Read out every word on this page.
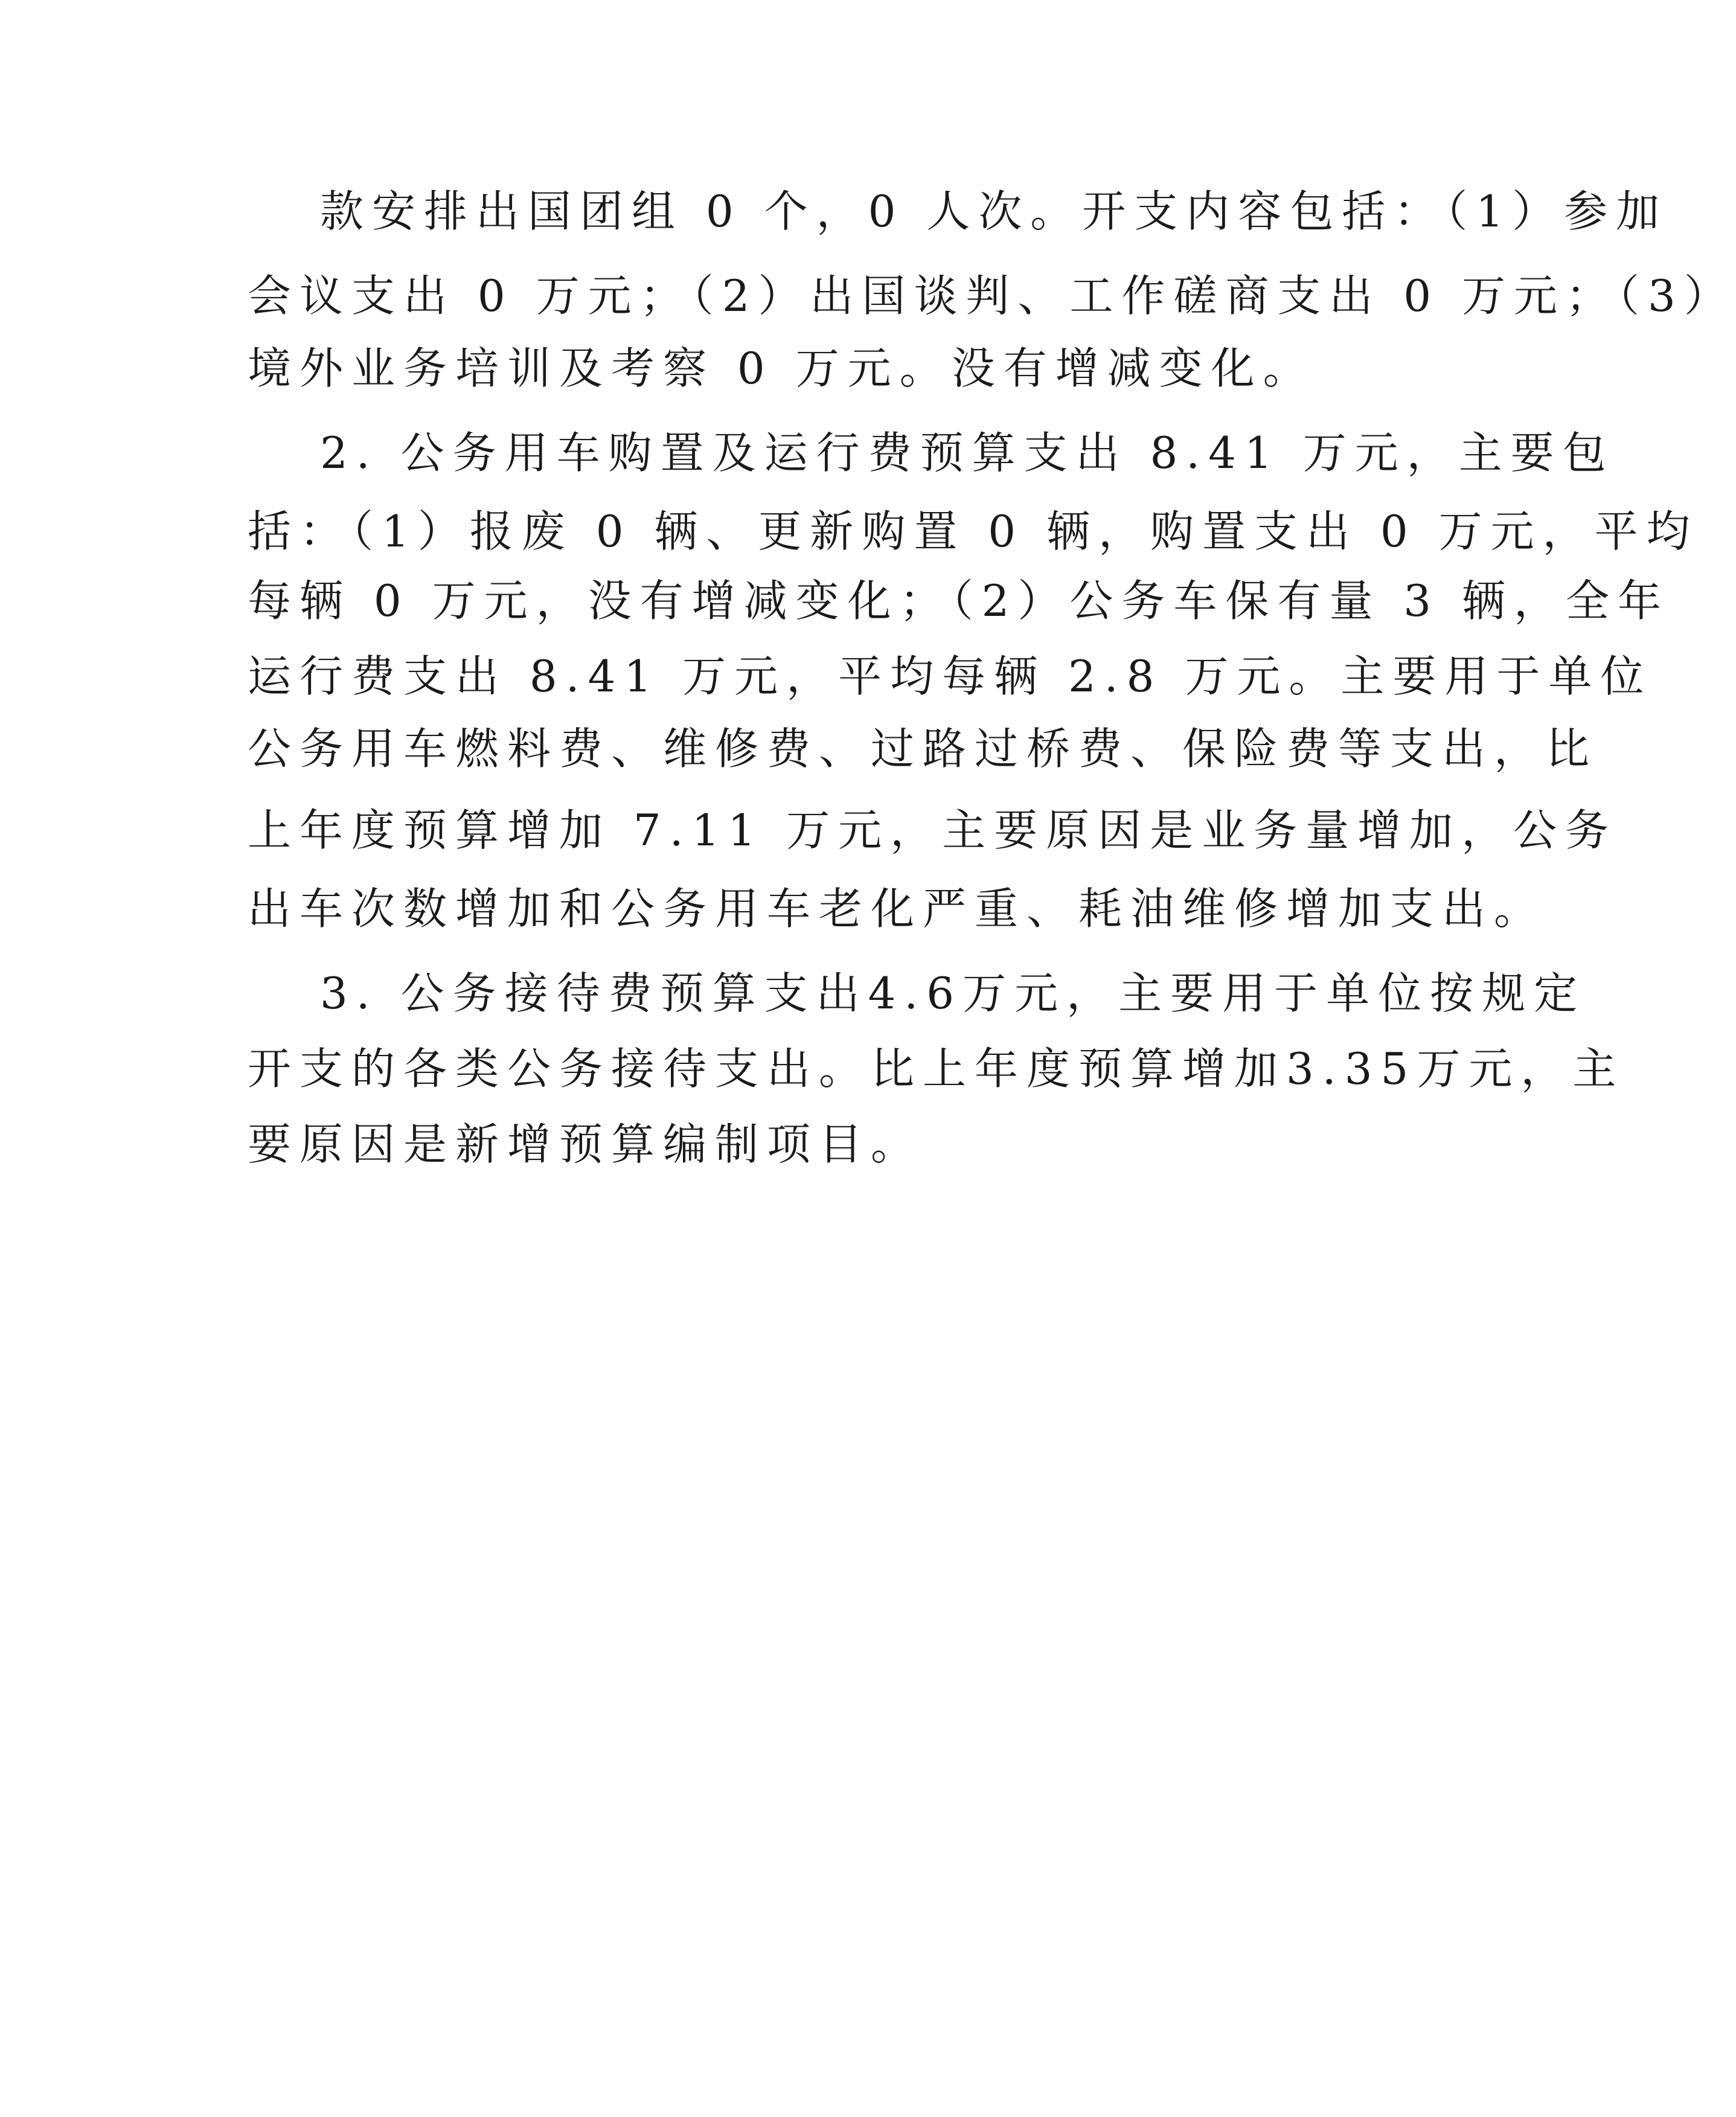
款安排出国团组 0 个，0 人次。开支内容包括：（1）参加
会议支出 0 万元；（2）出国谈判、工作磋商支出 0 万元；（3）
境外业务培训及考察 0 万元。没有增减变化。
2. 公务用车购置及运行费预算支出 8.41 万元，主要包
括：（1）报废 0 辆、更新购置 0 辆，购置支出 0 万元，平均
每辆 0 万元，没有增减变化；（2）公务车保有量 3 辆，全年
运行费支出 8.41 万元，平均每辆 2.8 万元。主要用于单位
公务用车燃料费、维修费、过路过桥费、保险费等支出，比
上年度预算增加 7.11 万元，主要原因是业务量增加，公务
出车次数增加和公务用车老化严重、耗油维修增加支出。
3. 公务接待费预算支出4.6万元，主要用于单位按规定
开支的各类公务接待支出。比上年度预算增加3.35万元，主
要原因是新增预算编制项目。
